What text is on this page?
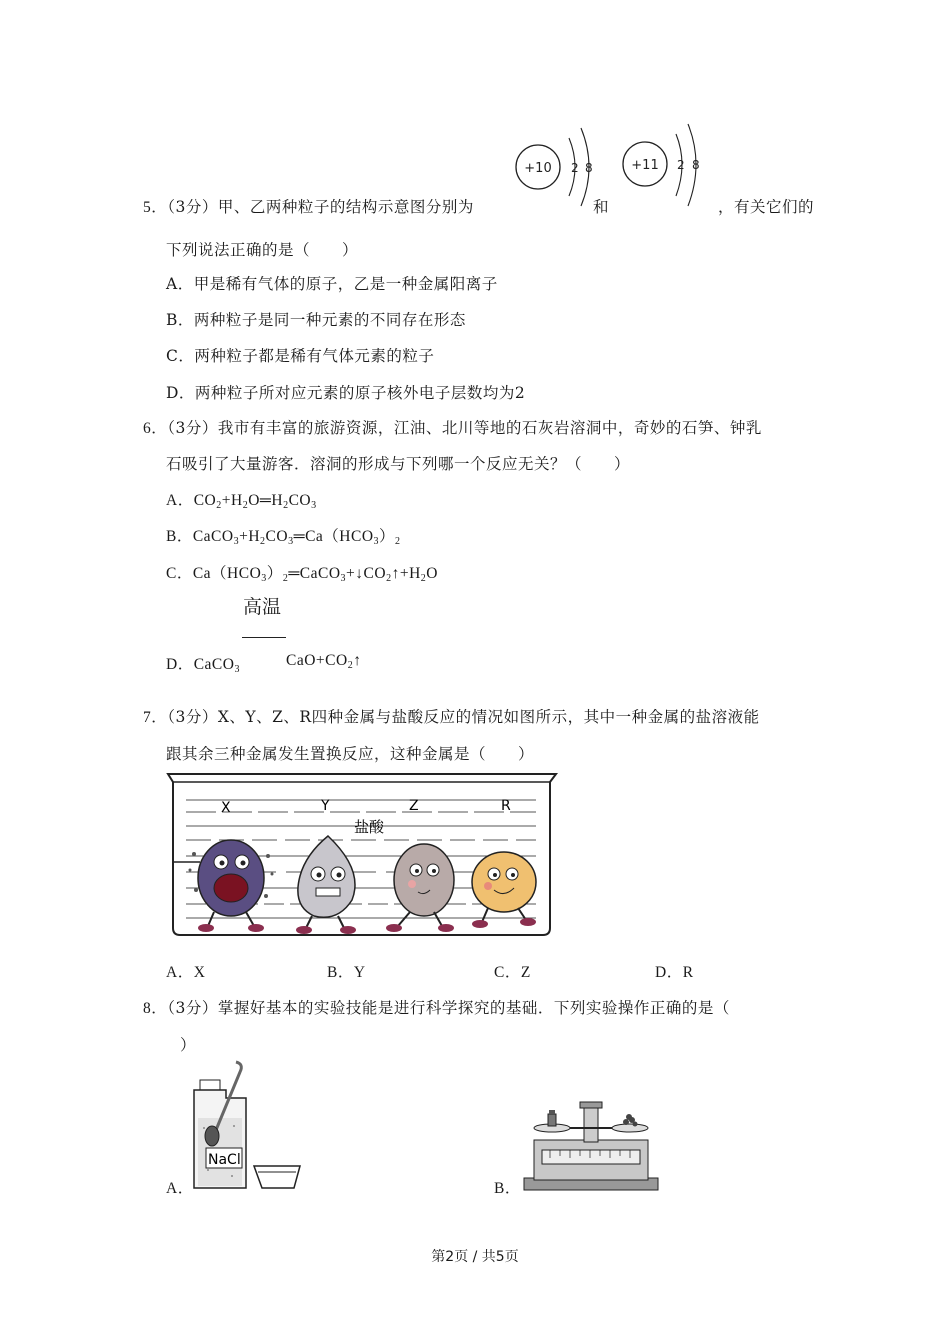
5．（3分）甲、乙两种粒子的结构示意图分别为
+10 2 8
和
+11 2 8
，有关它们的
下列说法正确的是（　　）
A．甲是稀有气体的原子，乙是一种金属阳离子
B．两种粒子是同一种元素的不同存在形态
C．两种粒子都是稀有气体元素的粒子
D．两种粒子所对应元素的原子核外电子层数均为2
6．（3分）我市有丰富的旅游资源，江油、北川等地的石灰岩溶洞中，奇妙的石笋、钟乳
石吸引了大量游客．溶洞的形成与下列哪一个反应无关？（　　）
A．$CO_2+H_2O═H_2CO_3$
B．$CaCO_3+H_2CO_3═Ca(HCO_3)_2$
C．$Ca(HCO_3)_2═CaCO_3+↓CO_2↑+H_2O$
高温
D．CaCO$_3$
$CaO+CO_2↑$
7．（3分）X、Y、Z、R四种金属与盐酸反应的情况如图所示，其中一种金属的盐溶液能
跟其余三种金属发生置换反应，这种金属是（　　）
X	Y	Z	R
盐酸
A．X	B．Y	C．Z	D．R
8．（3分）掌握好基本的实验技能是进行科学探究的基础．下列实验操作正确的是（
）
A．
NaCl
B．
第2页 / 共5页
